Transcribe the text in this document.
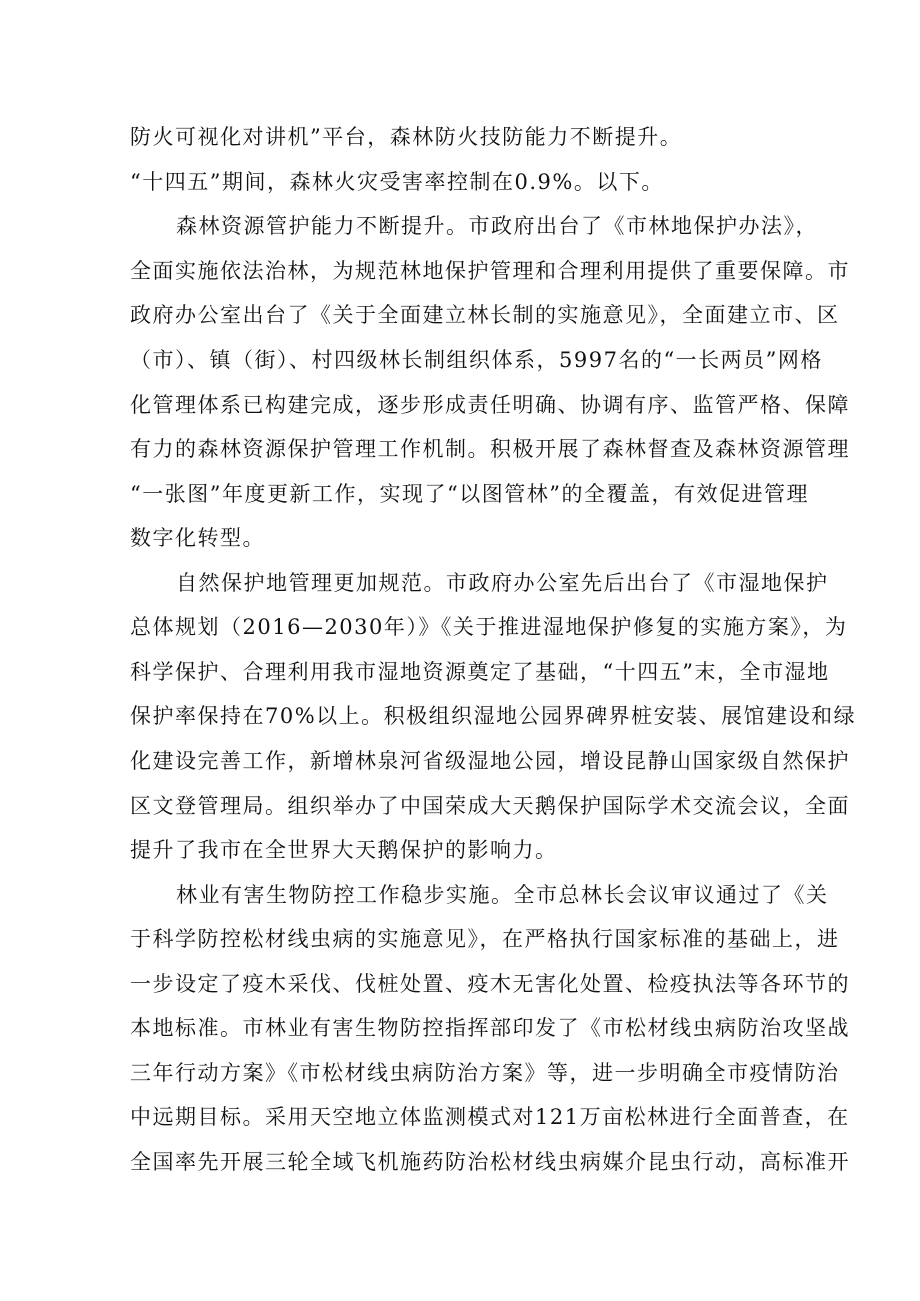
防火可视化对讲机”平台，森林防火技防能力不断提升。
“十四五”期间，森林火灾受害率控制在0.9%。以下。
森林资源管护能力不断提升。市政府出台了《市林地保护办法》，
全面实施依法治林，为规范林地保护管理和合理利用提供了重要保障。市
政府办公室出台了《关于全面建立林长制的实施意见》，全面建立市、区
（市）、镇（街）、村四级林长制组织体系，5997名的“一长两员”网格
化管理体系已构建完成，逐步形成责任明确、协调有序、监管严格、保障
有力的森林资源保护管理工作机制。积极开展了森林督查及森林资源管理
“一张图”年度更新工作，实现了“以图管林”的全覆盖，有效促进管理
数字化转型。
自然保护地管理更加规范。市政府办公室先后出台了《市湿地保护
总体规划（2016—2030年）》《关于推进湿地保护修复的实施方案》，为
科学保护、合理利用我市湿地资源奠定了基础，“十四五”末，全市湿地
保护率保持在70%以上。积极组织湿地公园界碑界桩安装、展馆建设和绿
化建设完善工作，新增林泉河省级湿地公园，增设昆静山国家级自然保护
区文登管理局。组织举办了中国荣成大天鹅保护国际学术交流会议，全面
提升了我市在全世界大天鹅保护的影响力。
林业有害生物防控工作稳步实施。全市总林长会议审议通过了《关
于科学防控松材线虫病的实施意见》，在严格执行国家标准的基础上，进
一步设定了疫木采伐、伐桩处置、疫木无害化处置、检疫执法等各环节的
本地标准。市林业有害生物防控指挥部印发了《市松材线虫病防治攻坚战
三年行动方案》《市松材线虫病防治方案》等，进一步明确全市疫情防治
中远期目标。采用天空地立体监测模式对121万亩松林进行全面普查，在
全国率先开展三轮全域飞机施药防治松材线虫病媒介昆虫行动，高标准开
